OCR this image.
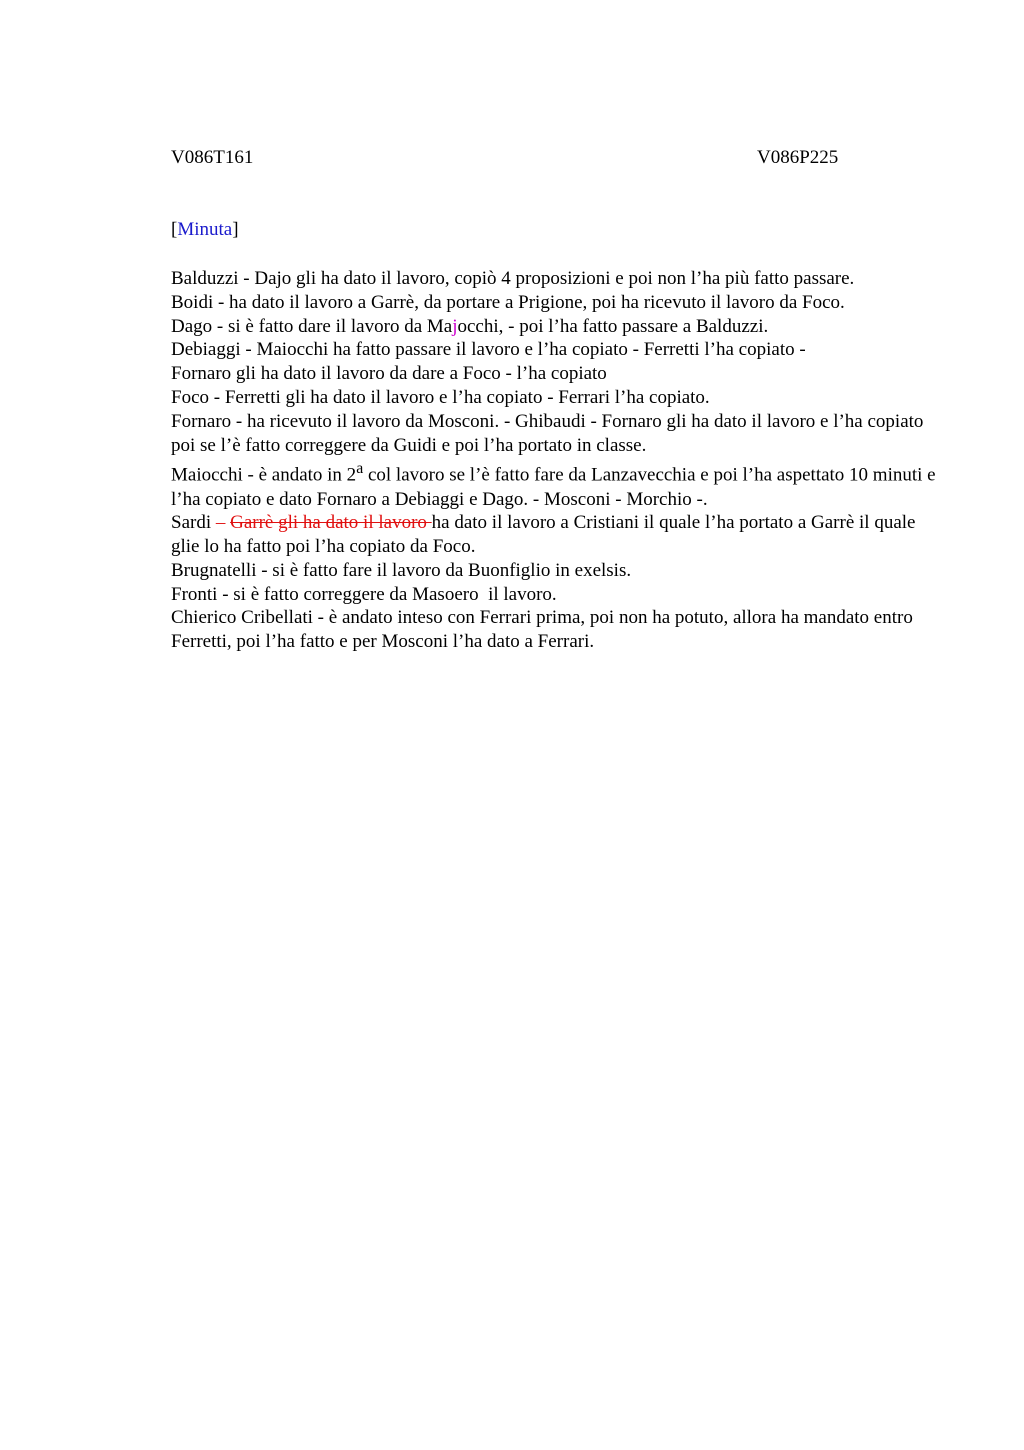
V086T161	V086P225
[Minuta]

Balduzzi - Dajo gli ha dato il lavoro, copiò 4 proposizioni e poi non l’ha più fatto passare.

Boidi - ha dato il lavoro a Garrè, da portare a Prigione, poi ha ricevuto il lavoro da Foco.

Dago - si è fatto dare il lavoro da Majocchi, - poi l’ha fatto passare a Balduzzi.

Debiaggi - Maiocchi ha fatto passare il lavoro e l’ha copiato - Ferretti l’ha copiato -

Fornaro gli ha dato il lavoro da dare a Foco - l’ha copiato

Foco - Ferretti gli ha dato il lavoro e l’ha copiato - Ferrari l’ha copiato.

Fornaro - ha ricevuto il lavoro da Mosconi. - Ghibaudi - Fornaro gli ha dato il lavoro e l’ha copiato poi se l’è fatto correggere da Guidi e poi l’ha portato in classe.

Maiocchi - è andato in 2$^a$ col lavoro se l’è fatto fare da Lanzavecchia e poi l’ha aspettato 10 minuti e l’ha copiato e dato Fornaro a Debiaggi e Dago. - Mosconi - Morchio -.

Sardi – Garrè gli ha dato il lavoro ha dato il lavoro a Cristiani il quale l’ha portato a Garrè il quale glie lo ha fatto poi l’ha copiato da Foco.

Brugnatelli - si è fatto fare il lavoro da Buonfiglio in exelsis.

Fronti - si è fatto correggere da Masoero  il lavoro.

Chierico Cribellati - è andato inteso con Ferrari prima, poi non ha potuto, allora ha mandato entro Ferretti, poi l’ha fatto e per Mosconi l’ha dato a Ferrari.
